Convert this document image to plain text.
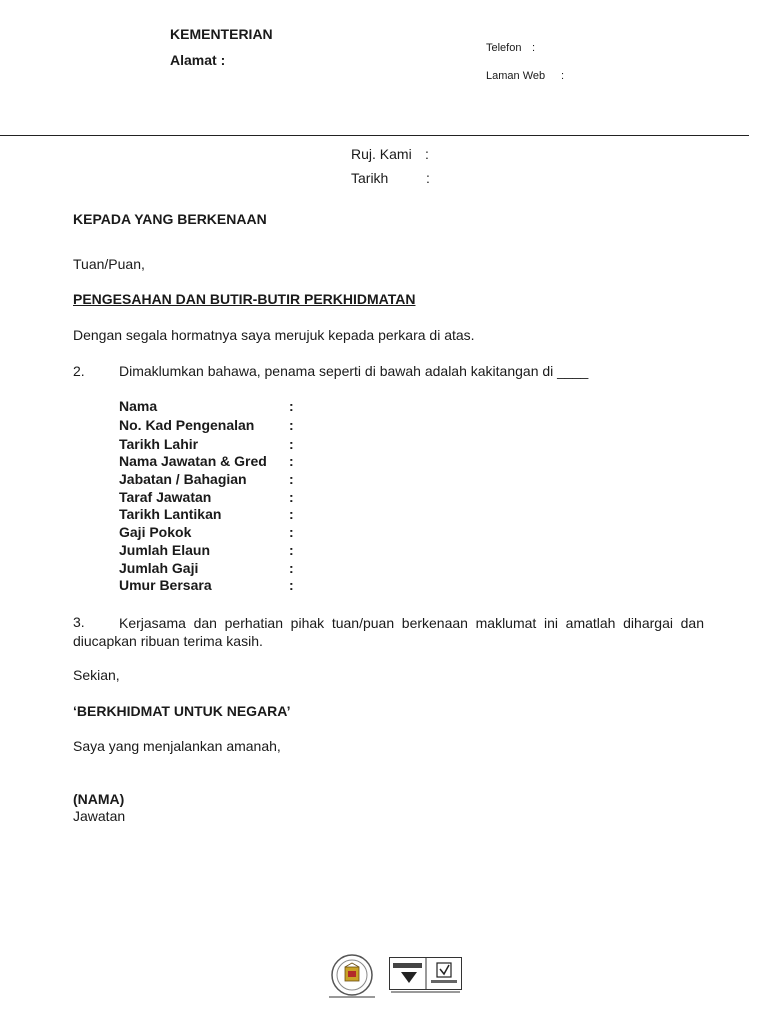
KEMENTERIAN
Alamat :
Telefon :
Laman Web :
Ruj. Kami :
Tarikh	:
KEPADA YANG BERKENAAN
Tuan/Puan,
PENGESAHAN DAN BUTIR-BUTIR PERKHIDMATAN
Dengan segala hormatnya saya merujuk kepada perkara di atas.
2. Dimaklumkan bahawa, penama seperti di bawah adalah kakitangan di ____
Nama	:
No. Kad Pengenalan :
Tarikh Lahir	:
Nama Jawatan & Gred :
Jabatan / Bahagian	:
Taraf Jawatan	:
Tarikh Lantikan	:
Gaji Pokok	:
Jumlah Elaun	:
Jumlah Gaji	:
Umur Bersara	:
3.	Kerjasama dan perhatian pihak tuan/puan berkenaan maklumat ini amatlah dihargai dan diucapkan ribuan terima kasih.
Sekian,
‘BERKHIDMAT UNTUK NEGARA’
Saya yang menjalankan amanah,
(NAMA)
Jawatan
